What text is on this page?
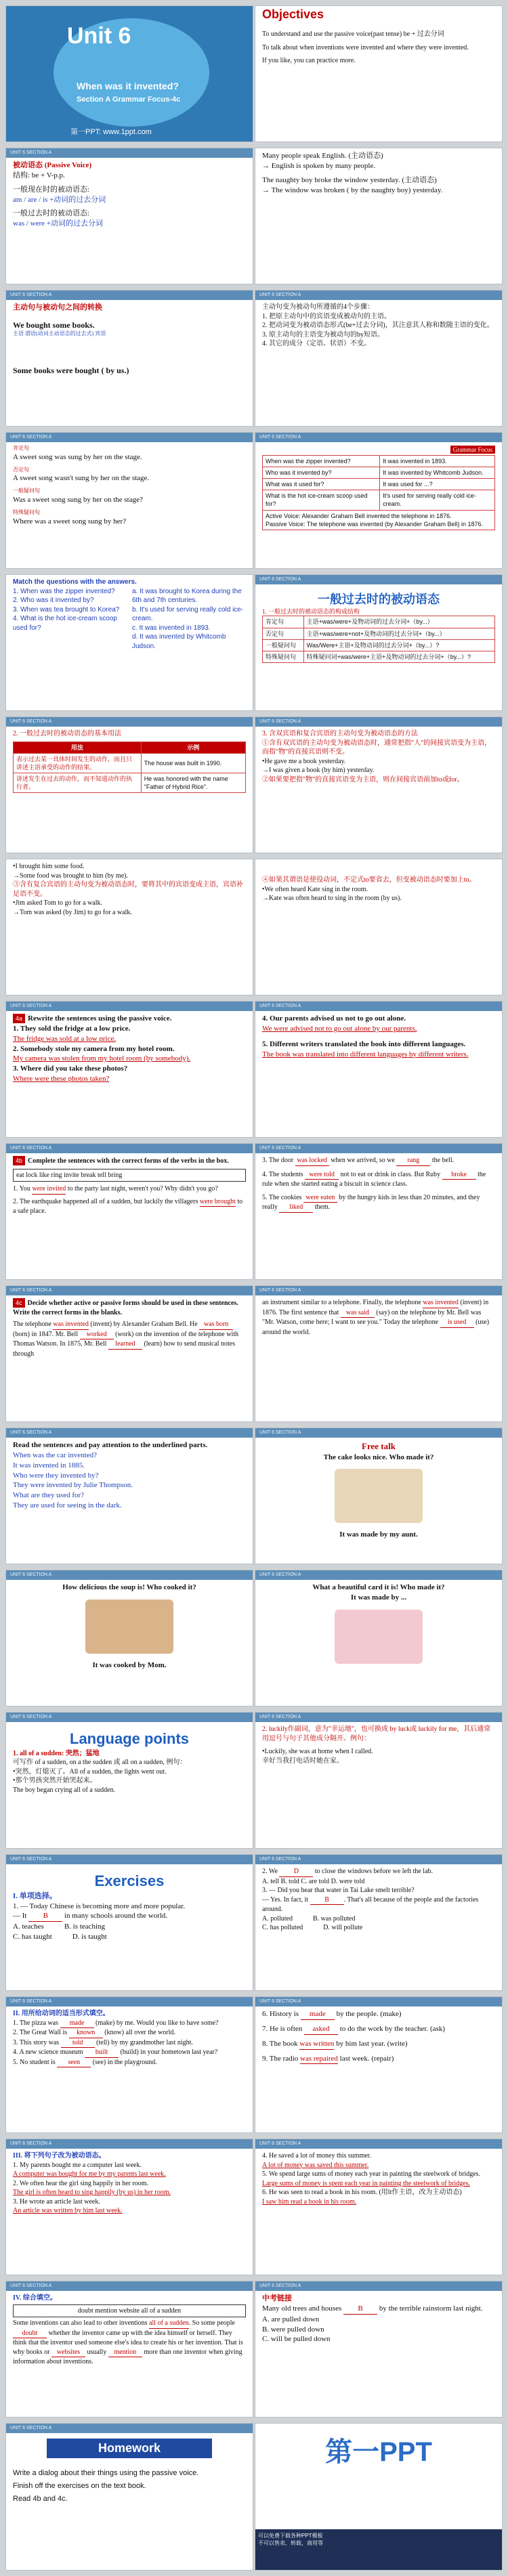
Unit 6
When was it invented?
Section A Grammar Focus-4c
第一PPT: www.1ppt.com
Objectives
To understand and use the passive voice(past tense) be + 过去分词
To talk about when inventions were invented and where they were invented.
If you like, you can practice more.
UNIT 6 SECTION A
被动语态 (Passive Voice)
结构: be + V-p.p.
一般现在时的被动语态:
am / are / is +动词的过去分词
一般过去时的被动语态:
was / were +动词的过去分词
Many people speak English. (主动语态)
→ English is spoken by many people.
The naughty boy broke the window yesterday. (主动语态)
→ The window was broken ( by the naughty boy) yesterday.
UNIT 6 SECTION A
主动句与被动句之间的转换
We bought some books.
主语 谓语(动词主动语态的过去式) 宾语
Some books were bought ( by us.)
UNIT 6 SECTION A
主动句变为被动句所遵循的4个步骤：
1. 把原主动句中的宾语变成被动句的主语。
2. 把动词变为被动语态形式(be+过去分词)，其注意其人称和数随主语的变化。
3. 原主动句的主语变为被动句的by短语。
4. 其它的成分（定语、状语）不变。
UNIT 6 SECTION A
肯定句
A sweet song was sung by her on the stage.
否定句
A sweet song wasn't sung by her on the stage.
一般疑问句
Was a sweet song sung by her on the stage?
特殊疑问句
Where was a sweet song sung by her?
UNIT 6 SECTION A
Grammar Focus
When was the zipper invented?	It was invented in 1893.
Who was it invented by?	It was invented by Whitcomb Judson.
What was it used for?	It was used for ...?
What is the hot ice-cream scoop used for?	It's used for serving really cold ice-cream.
Active Voice: Alexander Graham Bell invented the telephone in 1876.
Passive Voice: The telephone was invented (by Alexander Graham Bell) in 1876.	
Match the questions with the answers.
1. When was the zipper invented?
2. Who was it invented by?
3. When was tea brought to Korea?
4. What is the hot ice-cream scoop used for?
a. It was brought to Korea during the 6th and 7th centuries.
b. It's used for serving really cold ice-cream.
c. It was invented in 1893.
d. It was invented by Whitcomb Judson.
UNIT 6 SECTION A
一般过去时的被动语态
1. 一般过去时的被动语态的构成结构
肯定句	主语+was/were+及物动词的过去分词+（by...）
否定句	主语+was/were+not+及物动词的过去分词+（by...）
一般疑问句	Was/Were+主语+及物动词的过去分词+（by...）?
特殊疑问句	特殊疑问词+was/were+主语+及物动词的过去分词+（by...）?
UNIT 6 SECTION A
2. 一般过去时的被动语态的基本用法
用法	示例
表示过去某一具体时间发生的动作，而且只讲述主语承受的动作的结果。	The house was built in 1990.
讲述发生在过去的动作，而不知道动作的执行者。	He was honored with the name "Father of Hybrid Rice".
UNIT 6 SECTION A
3. 含双宾语和复合宾语的主动句变为被动语态的方法
①含有双宾语的主动句变为被动语态时，通常把指"人"的间接宾语变为主语，而指"物"的直接宾语则不变。
•He gave me a book yesterday.
→I was given a book (by him) yesterday.
②如果要把指"物"的直接宾语变为主语，则在间接宾语前加to或for。
•I brought him some food.
→Some food was brought to him (by me).
③含有复合宾语的主动句变为被动语态时，要将其中的宾语变成主语，宾语补足语不变。
•Jim asked Tom to go for a walk.
→Tom was asked (by Jim) to go for a walk.
④如果其谓语是使役动词，不定式to要省去，但变被动语态时要加上to。
•We often heard Kate sing in the room.
→Kate was often heard to sing in the room (by us).
UNIT 6 SECTION A
4a Rewrite the sentences using the passive voice.
1. They sold the fridge at a low price.
The fridge was sold at a low price.
2. Somebody stole my camera from my hotel room.
My camera was stolen from my hotel room (by somebody).
3. Where did you take these photos?
Where were these photos taken?
UNIT 6 SECTION A
4. Our parents advised us not to go out alone.
We were advised not to go out alone by our parents.
5. Different writers translated the book into different languages.
The book was translated into different languages by different writers.
UNIT 6 SECTION A
4b Complete the sentences with the correct forms of the verbs in the box.
eat lock like ring invite break tell bring
1. You were invited to the party last night, weren't you? Why didn't you go?
2. The earthquake happened all of a sudden, but luckily the villagers were brought to a safe place.
UNIT 6 SECTION A
3. The door was locked when we arrived, so we rang the bell.
4. The students were told not to eat or drink in class. But Ruby broke the rule when she started eating a biscuit in science class.
5. The cookies were eaten by the hungry kids in less than 20 minutes, and they really liked them.
UNIT 6 SECTION A
4c Decide whether active or passive forms should be used in these sentences. Write the correct forms in the blanks.
The telephone was invented (invent) by Alexander Graham Bell. He was born (born) in 1847. Mr. Bell worked (work) on the invention of the telephone with Thomas Watson. In 1875, Mr. Bell learned (learn) how to send musical notes through
UNIT 6 SECTION A
an instrument similar to a telephone. Finally, the telephone was invented (invent) in 1876. The first sentence that was said (say) on the telephone by Mr. Bell was "Mr. Watson, come here; I want to see you." Today the telephone is used (use) around the world.
UNIT 6 SECTION A
Read the sentences and pay attention to the underlined parts.
When was the car invented?
It was invented in 1885.
Who were they invented by?
They were invented by Julie Thompson.
What are they used for?
They are used for seeing in the dark.
UNIT 6 SECTION A
Free talk
The cake looks nice. Who made it?
It was made by my aunt.
UNIT 6 SECTION A
How delicious the soup is! Who cooked it?
It was cooked by Mom.
UNIT 6 SECTION A
What a beautiful card it is! Who made it?
It was made by ...
UNIT 6 SECTION A
Language points
1. all of a sudden: 突然；猛地
可写作 of a sudden, on a the sudden 或 all on a sudden, 例句：
•突然，灯熄灭了。All of a sudden, the lights went out.
•那个男孩突然开始哭起来。
The boy began crying all of a sudden.
UNIT 6 SECTION A
2. luckily作副词，意为"幸运地"，也可换成 by luck或 luckily for me，其后通常用逗号与句子其他成分隔开。例句：
•Luckily, she was at home when I called.
幸好当我打电话时她在家。
UNIT 6 SECTION A
Exercises
I. 单项选择。
1. — Today Chinese is becoming more and more popular.
— It B in many schools around the world.
A. teaches	B. is teaching
C. has taught	D. is taught
UNIT 6 SECTION A
2. We D to close the windows before we left the lab.
A. tell B. told C. are told D. were told
3. — Did you hear that water in Tai Lake smelt terrible?
— Yes. In fact, it B . That's all because of the people and the factories around.
A. polluted	B. was polluted
C. has polluted	D. will pollute
UNIT 6 SECTION A
II. 用所给动词的适当形式填空。
1. The pizza was made (make) by me. Would you like to have some?
2. The Great Wall is known (know) all over the world.
3. This story was told (tell) by my grandmother last night.
4. A new science museum built (build) in your hometown last year?
5. No student is seen (see) in the playground.
UNIT 6 SECTION A
6. History is made by the people. (make)
7. He is often asked to do the work by the teacher. (ask)
8. The book was written by him last year. (write)
9. The radio was repaired last week. (repair)
UNIT 6 SECTION A
III. 将下列句子改为被动语态。
1. My parents bought me a computer last week.
A computer was bought for me by my parents last week.
2. We often hear the girl sing happily in her room.
The girl is often heard to sing happily (by us) in her room.
3. He wrote an article last week.
An article was written by him last week.
UNIT 6 SECTION A
4. He saved a lot of money this summer.
A lot of money was saved this summer.
5. We spend large sums of money each year in painting the steelwork of bridges.
Large sums of money is spent each year in painting the steelwork of bridges.
6. He was seen to read a book in his room. (用lt作主语，改为主动语态)
I saw him read a book in his room.
UNIT 6 SECTION A
IV. 综合填空。
doubt mention website all of a sudden
Some inventions can also lead to other inventions all of a sudden. So some people doubt whether the inventor came up with the idea himself or herself. They think that the inventor used someone else's idea to create his or her invention. That is why books or websites usually mention more than one inventor when giving information about inventions.
UNIT 6 SECTION A
中考链接
Many old trees and houses B by the terrible rainstorm last night.
A. are pulled down
B. were pulled down
C. will be pulled down
UNIT 6 SECTION A
Homework
• Write a dialog about their things using the passive voice.
• Finish off the exercises on the text book.
• Read 4b and 4c.
第一PPT
可以免费下载各种PPT模板
不可以售卖、转载、商用等
